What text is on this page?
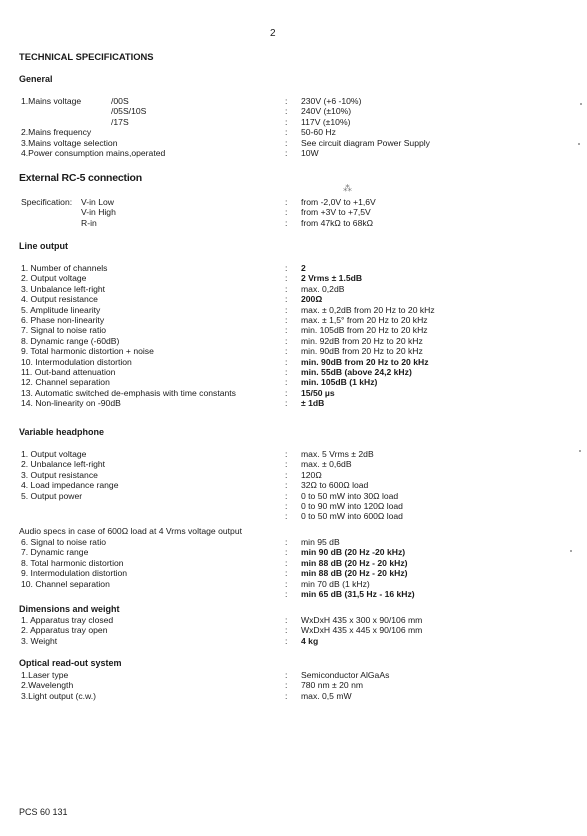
2
TECHNICAL SPECIFICATIONS
General
1.Mains voltage	/00S	: 230V (+6 -10%)
/05S/10S	: 240V (±10%)
/17S	: 117V (±10%)
2.Mains frequency	: 50-60 Hz
3.Mains voltage selection	: See circuit diagram Power Supply
4.Power consumption mains,operated	: 10W
External RC-5 connection
⁂
Specification: V-in Low	: from -2,0V to +1,6V
V-in High	: from +3V to +7,5V
R-in	: from 47kΩ to 68kΩ
Line output
1. Number of channels	: 2
2. Output voltage	: 2 Vrms ± 1.5dB
3. Unbalance left-right	: max. 0,2dB
4. Output resistance	: 200Ω
5. Amplitude linearity	: max. ± 0,2dB from 20 Hz to 20 kHz
6. Phase non-linearity	: max. ± 1,5° from 20 Hz to 20 kHz
7. Signal to noise ratio	: min. 105dB from 20 Hz to 20 kHz
8. Dynamic range (-60dB)	: min. 92dB from 20 Hz to 20 kHz
9. Total harmonic distortion + noise	: min. 90dB from 20 Hz to 20 kHz
10. Intermodulation distortion	: min. 90dB from 20 Hz to 20 kHz
11. Out-band attenuation	: min. 55dB (above 24,2 kHz)
12. Channel separation	: min. 105dB (1 kHz)
13. Automatic switched de-emphasis with time constants	: 15/50 µs
14. Non-linearity on -90dB	: ± 1dB
Variable headphone
1. Output voltage	: max. 5 Vrms ± 2dB
2. Unbalance left-right	: max. ± 0,6dB
3. Output resistance	: 120Ω
4. Load impedance range	: 32Ω to 600Ω load
5. Output power	: 0 to 50 mW into 30Ω load
: 0 to 90 mW into 120Ω load
: 0 to 50 mW into 600Ω load
Audio specs in case of 600Ω load at 4 Vrms voltage output
6. Signal to noise ratio	: min 95 dB
7. Dynamic range	: min 90 dB (20 Hz -20 kHz)
8. Total harmonic distortion	: min 88 dB (20 Hz - 20 kHz)
9. Intermodulation distortion	: min 88 dB (20 Hz - 20 kHz)
10. Channel separation	: min 70 dB (1 kHz)
: min 65 dB (31,5 Hz - 16 kHz)
Dimensions and weight
1. Apparatus tray closed	: WxDxH 435 x 300 x 90/106 mm
2. Apparatus tray open	: WxDxH 435 x 445 x 90/106 mm
3. Weight	: 4 kg
Optical read-out system
1.Laser type	: Semiconductor AlGaAs
2.Wavelength	: 780 nm ± 20 nm
3.Light output (c.w.)	: max. 0,5 mW
PCS 60 131
